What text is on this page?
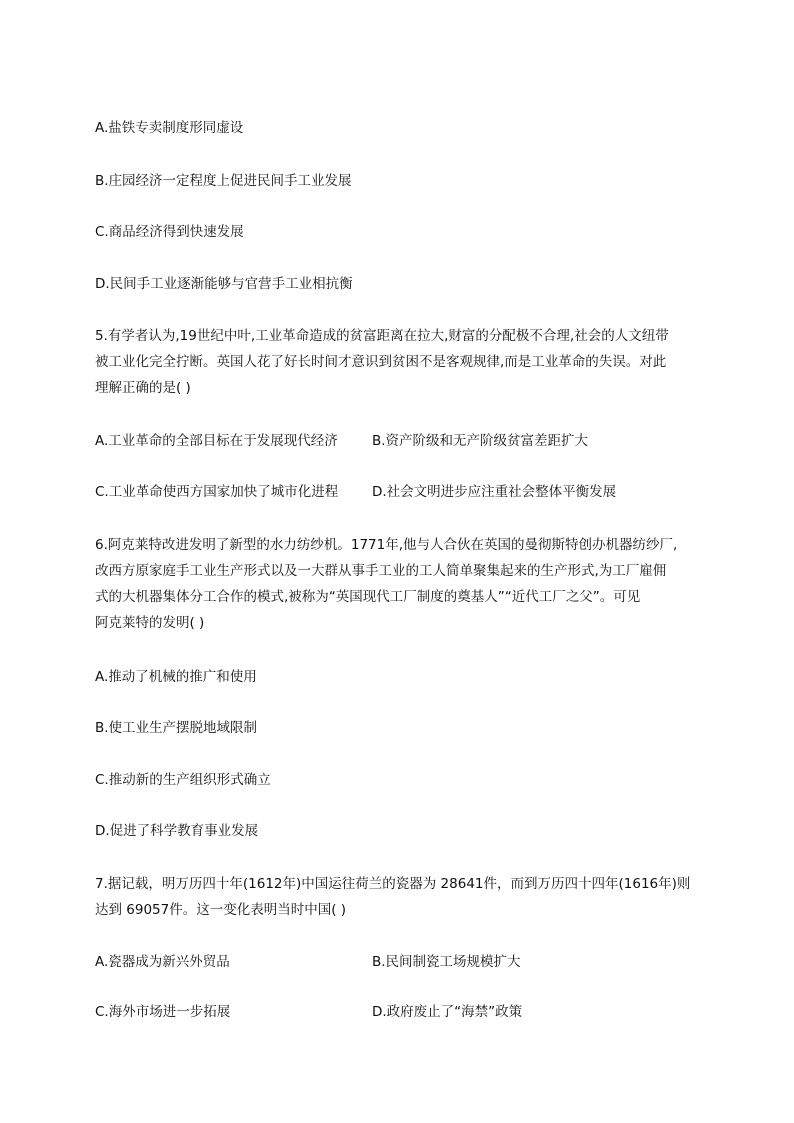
A.盐铁专卖制度形同虚设
B.庄园经济一定程度上促进民间手工业发展
C.商品经济得到快速发展
D.民间手工业逐渐能够与官营手工业相抗衡
5.有学者认为,19世纪中叶,工业革命造成的贫富距离在拉大,财富的分配极不合理,社会的人文纽带
被工业化完全拧断。英国人花了好长时间才意识到贫困不是客观规律,而是工业革命的失误。对此
理解正确的是( )
A.工业革命的全部目标在于发展现代经济	B.资产阶级和无产阶级贫富差距扩大
C.工业革命使西方国家加快了城市化进程	D.社会文明进步应注重社会整体平衡发展
6.阿克莱特改进发明了新型的水力纺纱机。1771年,他与人合伙在英国的曼彻斯特创办机器纺纱厂,
改西方原家庭手工业生产形式以及一大群从事手工业的工人简单聚集起来的生产形式,为工厂雇佣
式的大机器集体分工合作的模式,被称为“英国现代工厂制度的奠基人”“近代工厂之父”。可见
阿克莱特的发明( )
A.推动了机械的推广和使用
B.使工业生产摆脱地域限制
C.推动新的生产组织形式确立
D.促进了科学教育事业发展
7.据记载，明万历四十年(1612年)中国运往荷兰的瓷器为 28641件，而到万历四十四年(1616年)则
达到 69057件。这一变化表明当时中国( )
A.瓷器成为新兴外贸品	B.民间制瓷工场规模扩大
C.海外市场进一步拓展	D.政府废止了“海禁”政策
